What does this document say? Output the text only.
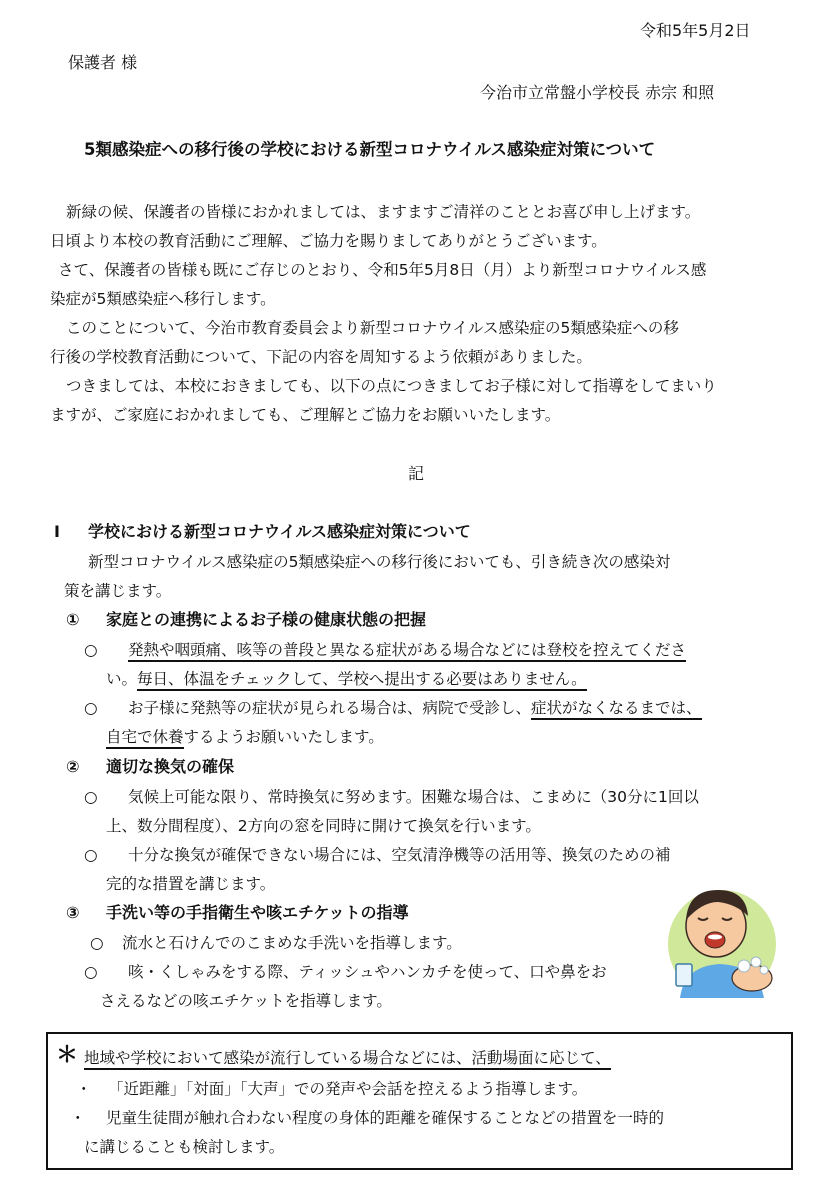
令和5年5月2日

保護者 様

今治市立常盤小学校長 赤宗 和照

5類感染症への移行後の学校における新型コロナウイルス感染症対策について

新緑の候、保護者の皆様におかれましては、ますますご清祥のこととお喜び申し上げます。

日頃より本校の教育活動にご理解、ご協力を賜りましてありがとうございます。

さて、保護者の皆様も既にご存じのとおり、令和5年5月8日（月）より新型コロナウイルス感

染症が5類感染症へ移行します。

このことについて、今治市教育委員会より新型コロナウイルス感染症の5類感染症への移

行後の学校教育活動について、下記の内容を周知するよう依頼がありました。

つきましては、本校におきましても、以下の点につきましてお子様に対して指導をしてまいり

ますが、ご家庭におかれましても、ご理解とご協力をお願いいたします。

記

Ⅰ 学校における新型コロナウイルス感染症対策について

新型コロナウイルス感染症の5類感染症への移行後においても、引き続き次の感染対

策を講じます。

① 家庭との連携によるお子様の健康状態の把握

○ 発熱や咽頭痛、咳等の普段と異なる症状がある場合などには登校を控えてくださ

い。毎日、体温をチェックして、学校へ提出する必要はありません。

○ お子様に発熱等の症状が見られる場合は、病院で受診し、症状がなくなるまでは、

自宅で休養するようお願いいたします。

② 適切な換気の確保

○ 気候上可能な限り、常時換気に努めます。困難な場合は、こまめに（30分に1回以

上、数分間程度）、2方向の窓を同時に開けて換気を行います。

○ 十分な換気が確保できない場合には、空気清浄機等の活用等、換気のための補

完的な措置を講じます。

③ 手洗い等の手指衛生や咳エチケットの指導

○ 流水と石けんでのこまめな手洗いを指導します。

○ 咳・くしゃみをする際、ティッシュやハンカチを使って、口や鼻をお

さえるなどの咳エチケットを指導します。

＊ 地域や学校において感染が流行している場合などには、活動場面に応じて、

・ 「近距離」「対面」「大声」での発声や会話を控えるよう指導します。

・ 児童生徒間が触れ合わない程度の身体的距離を確保することなどの措置を一時的

に講じることも検討します。
